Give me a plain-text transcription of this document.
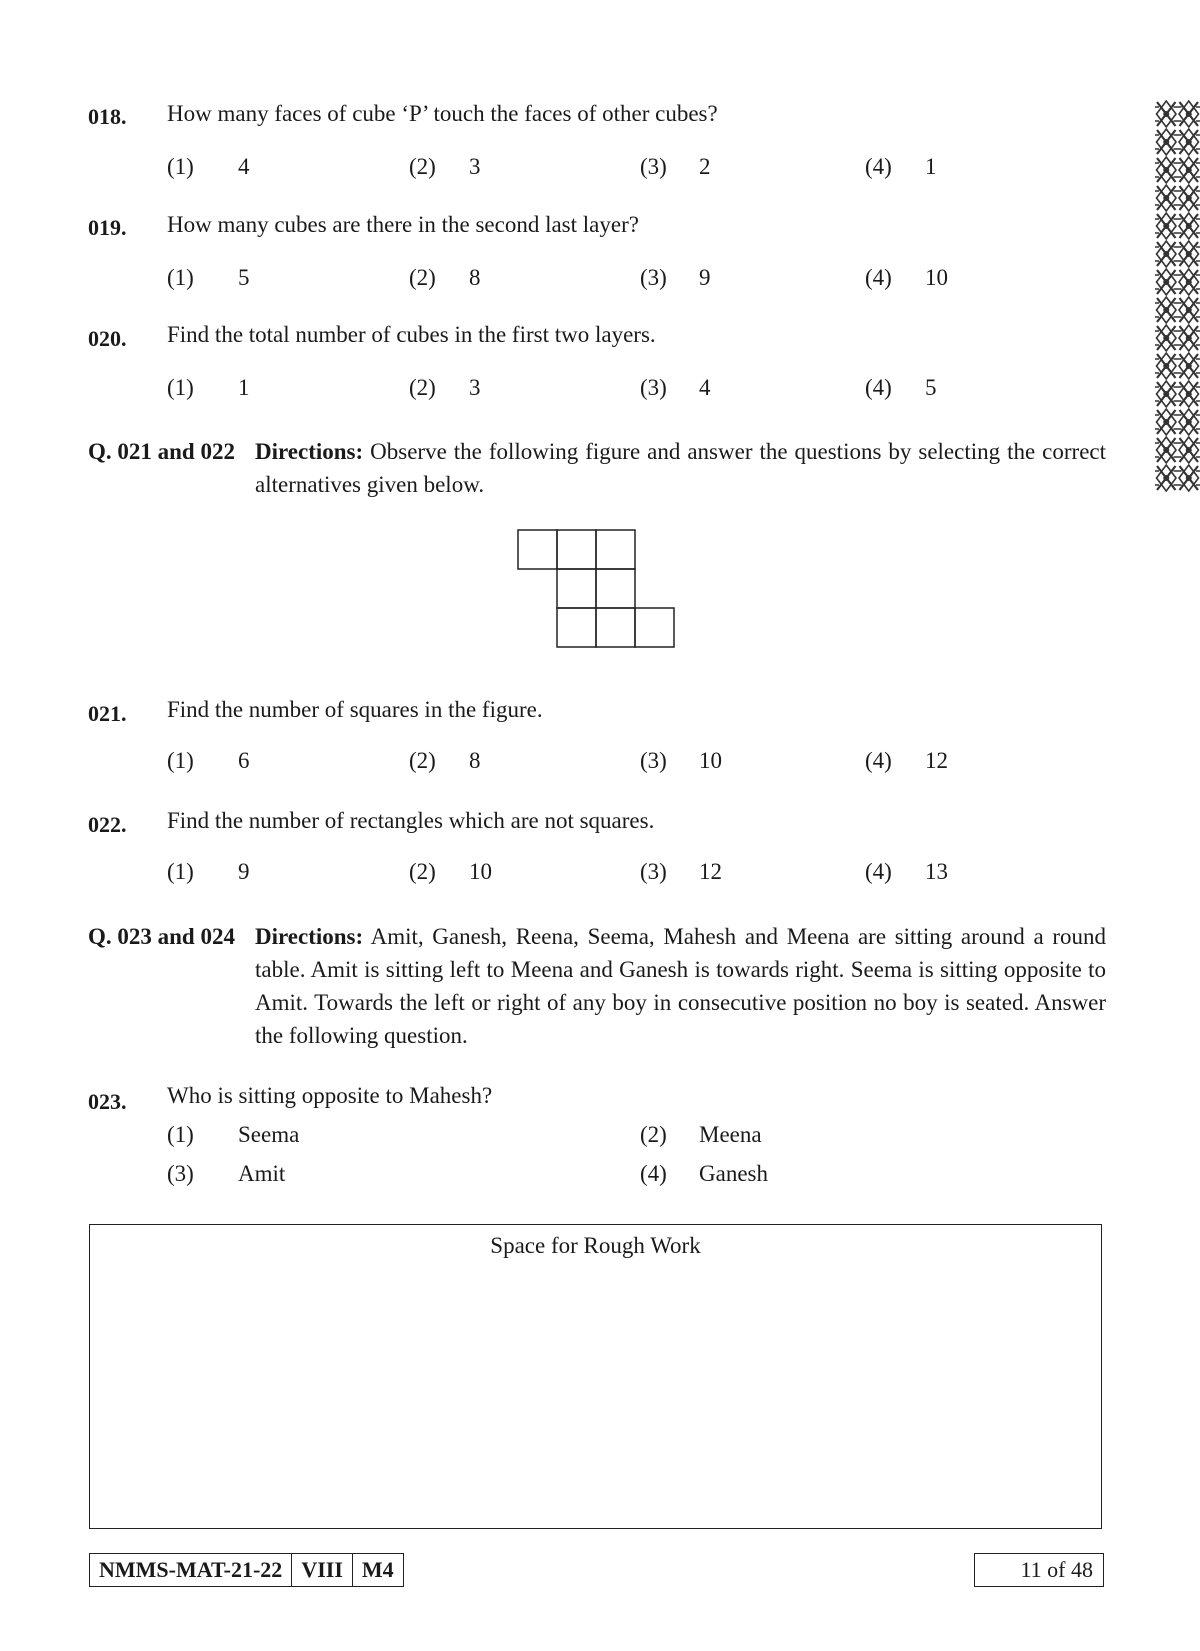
018. How many faces of cube ‘P’ touch the faces of other cubes?
(1) 4	(2) 3	(3) 2	(4) 1
019. How many cubes are there in the second last layer?
(1) 5	(2) 8	(3) 9	(4) 10
020. Find the total number of cubes in the first two layers.
(1) 1	(2) 3	(3) 4	(4) 5
Q. 021 and 022 Directions: Observe the following figure and answer the questions by selecting the correct alternatives given below.
021. Find the number of squares in the figure.
(1) 6	(2) 8	(3) 10	(4) 12
022. Find the number of rectangles which are not squares.
(1) 9	(2) 10	(3) 12	(4) 13
Q. 023 and 024 Directions: Amit, Ganesh, Reena, Seema, Mahesh and Meena are sitting around a round table. Amit is sitting left to Meena and Ganesh is towards right. Seema is sitting opposite to Amit. Towards the left or right of any boy in consecutive position no boy is seated. Answer the following question.
023. Who is sitting opposite to Mahesh?
(1) Seema	(2) Meena
(3) Amit	(4) Ganesh
Space for Rough Work
NMMS-MAT-21-22 VIII M4	11 of 48
